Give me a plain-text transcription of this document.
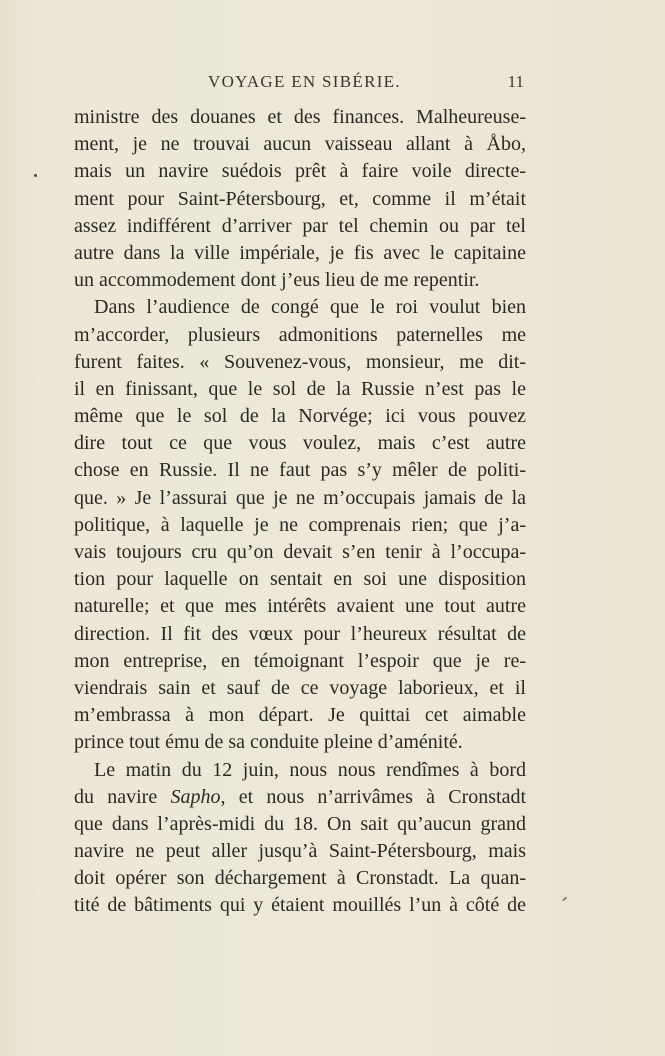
VOYAGE EN SIBÉRIE.	11
ministre des douanes et des finances. Malheureuse-
ment, je ne trouvai aucun vaisseau allant à Åbo,
mais un navire suédois prêt à faire voile directe-
ment pour Saint-Pétersbourg, et, comme il m’était
assez indifférent d’arriver par tel chemin ou par tel
autre dans la ville impériale, je fis avec le capitaine
un accommodement dont j’eus lieu de me repentir.
Dans l’audience de congé que le roi voulut bien
m’accorder, plusieurs admonitions paternelles me
furent faites. « Souvenez-vous, monsieur, me dit-
il en finissant, que le sol de la Russie n’est pas le
même que le sol de la Norvége; ici vous pouvez
dire tout ce que vous voulez, mais c’est autre
chose en Russie. Il ne faut pas s’y mêler de politi-
que. » Je l’assurai que je ne m’occupais jamais de la
politique, à laquelle je ne comprenais rien; que j’a-
vais toujours cru qu’on devait s’en tenir à l’occupa-
tion pour laquelle on sentait en soi une disposition
naturelle; et que mes intérêts avaient une tout autre
direction. Il fit des vœux pour l’heureux résultat de
mon entreprise, en témoignant l’espoir que je re-
viendrais sain et sauf de ce voyage laborieux, et il
m’embrassa à mon départ. Je quittai cet aimable
prince tout ému de sa conduite pleine d’aménité.
Le matin du 12 juin, nous nous rendîmes à bord
du navire Sapho, et nous n’arrivâmes à Cronstadt
que dans l’après-midi du 18. On sait qu’aucun grand
navire ne peut aller jusqu’à Saint-Pétersbourg, mais
doit opérer son déchargement à Cronstadt. La quan-
tité de bâtiments qui y étaient mouillés l’un à côté de
